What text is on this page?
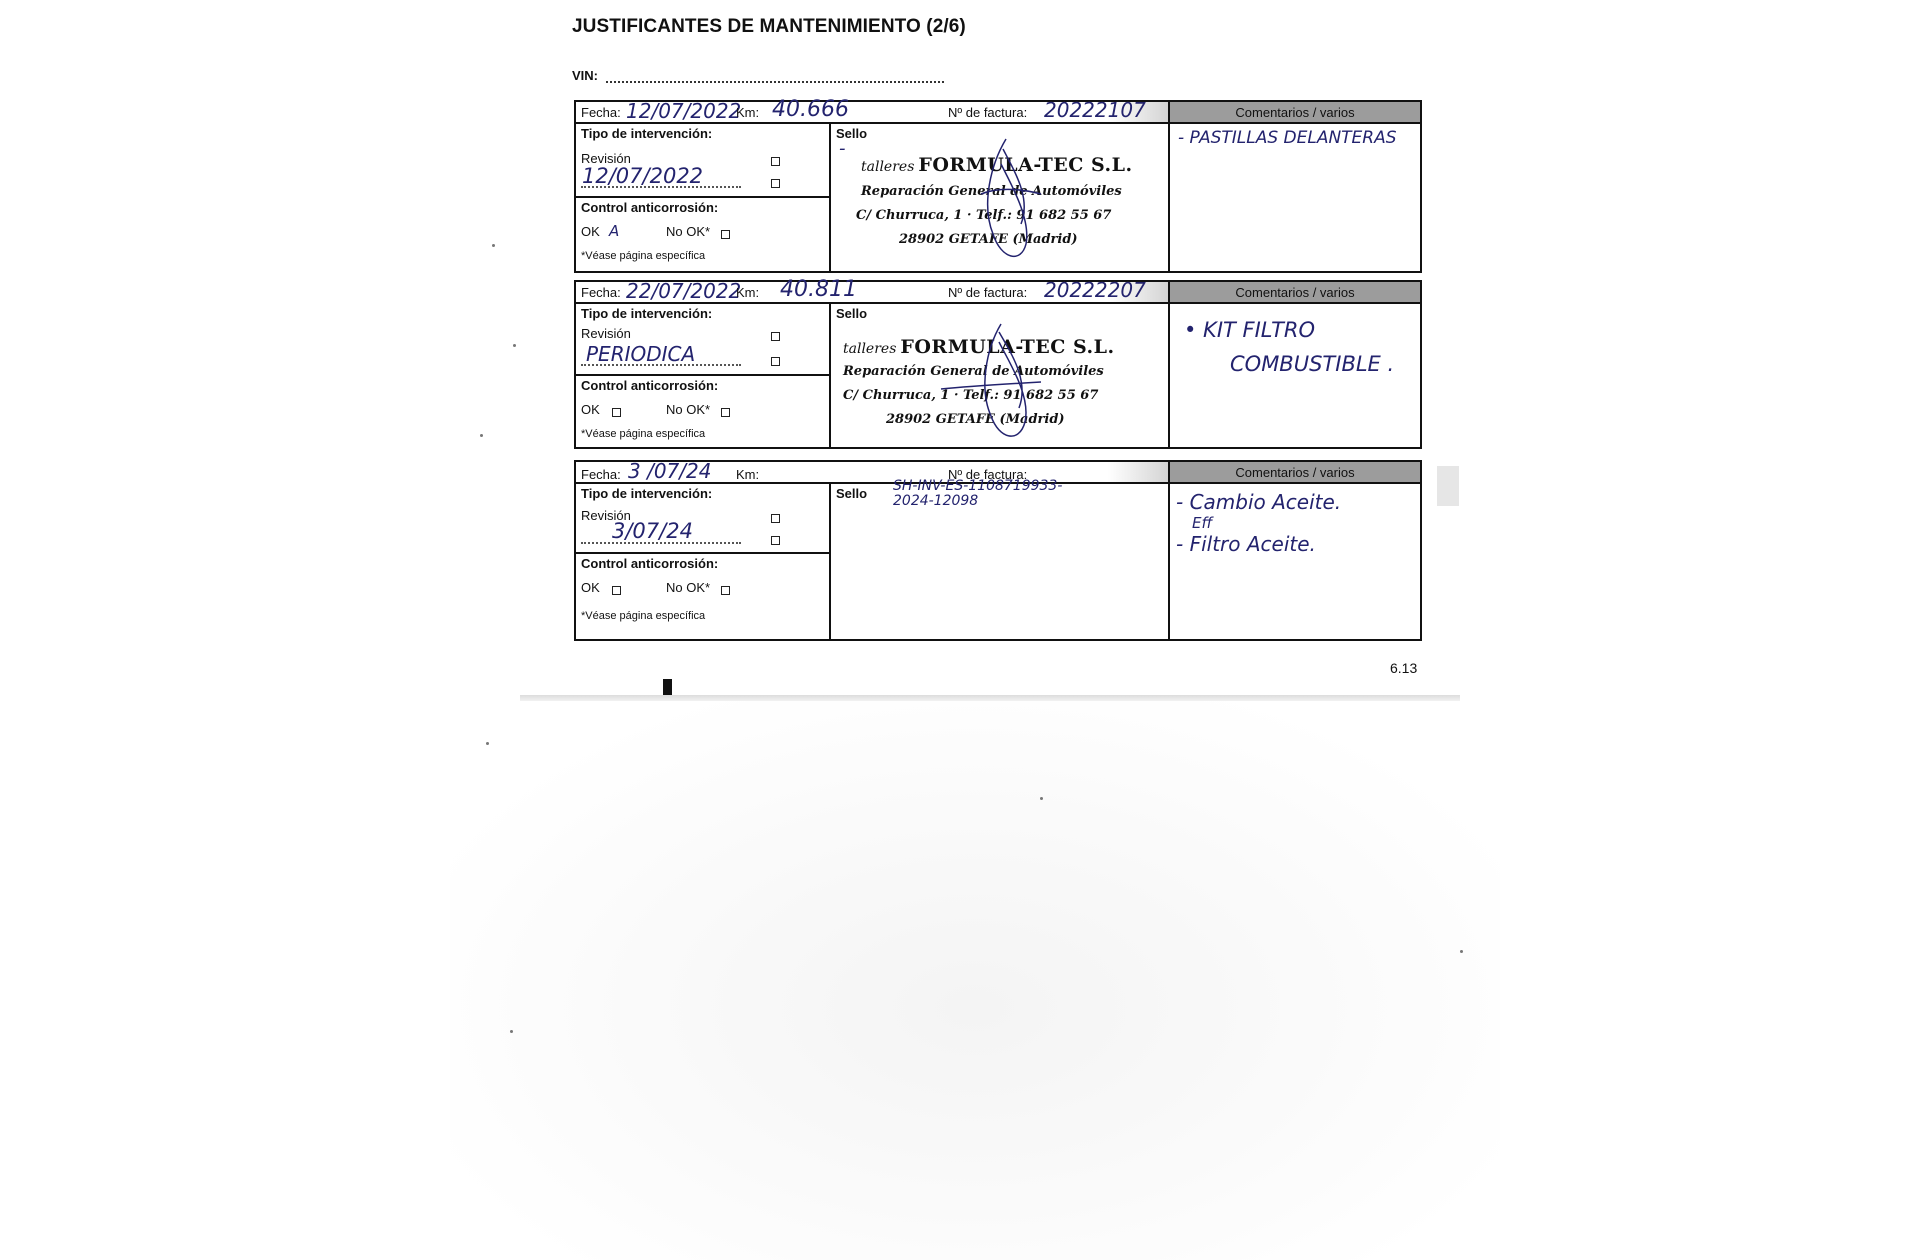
JUSTIFICANTES DE MANTENIMIENTO (2/6)
VIN:
Fecha: 12/07/2022
Km: 40.666	Nº de factura: 20222107	Comentarios / varios
Tipo de intervención:
Revisión
12/07/2022
Control anticorrosión:
OK A	No OK*
*Véase página específica
Sello
-
talleres FORMULA-TEC S.L.
Reparación General de Automóviles
C/ Churruca, 1 · Telf.: 91 682 55 67
28902 GETAFE (Madrid)
- PASTILLAS DELANTERAS
Fecha: 22/07/2022
Km: 40.811	Nº de factura: 20222207	Comentarios / varios
Tipo de intervención:
Revisión
PERIODICA
Control anticorrosión:
OK	No OK*
*Véase página específica
Sello
talleres FORMULA-TEC S.L.
Reparación General de Automóviles
C/ Churruca, 1 · Telf.: 91 682 55 67
28902 GETAFE (Madrid)
• KIT FILTRO
COMBUSTIBLE .
Fecha: 3 /07/24 Km:	Nº de factura:	Comentarios / varios
Tipo de intervención:
Revisión
3/07/24
Control anticorrosión:
OK	No OK*
*Véase página específica
Sello SH-INV-ES-1108719933-
2024-12098	- Cambio Aceite.
Eff
- Filtro Aceite.
6.13
